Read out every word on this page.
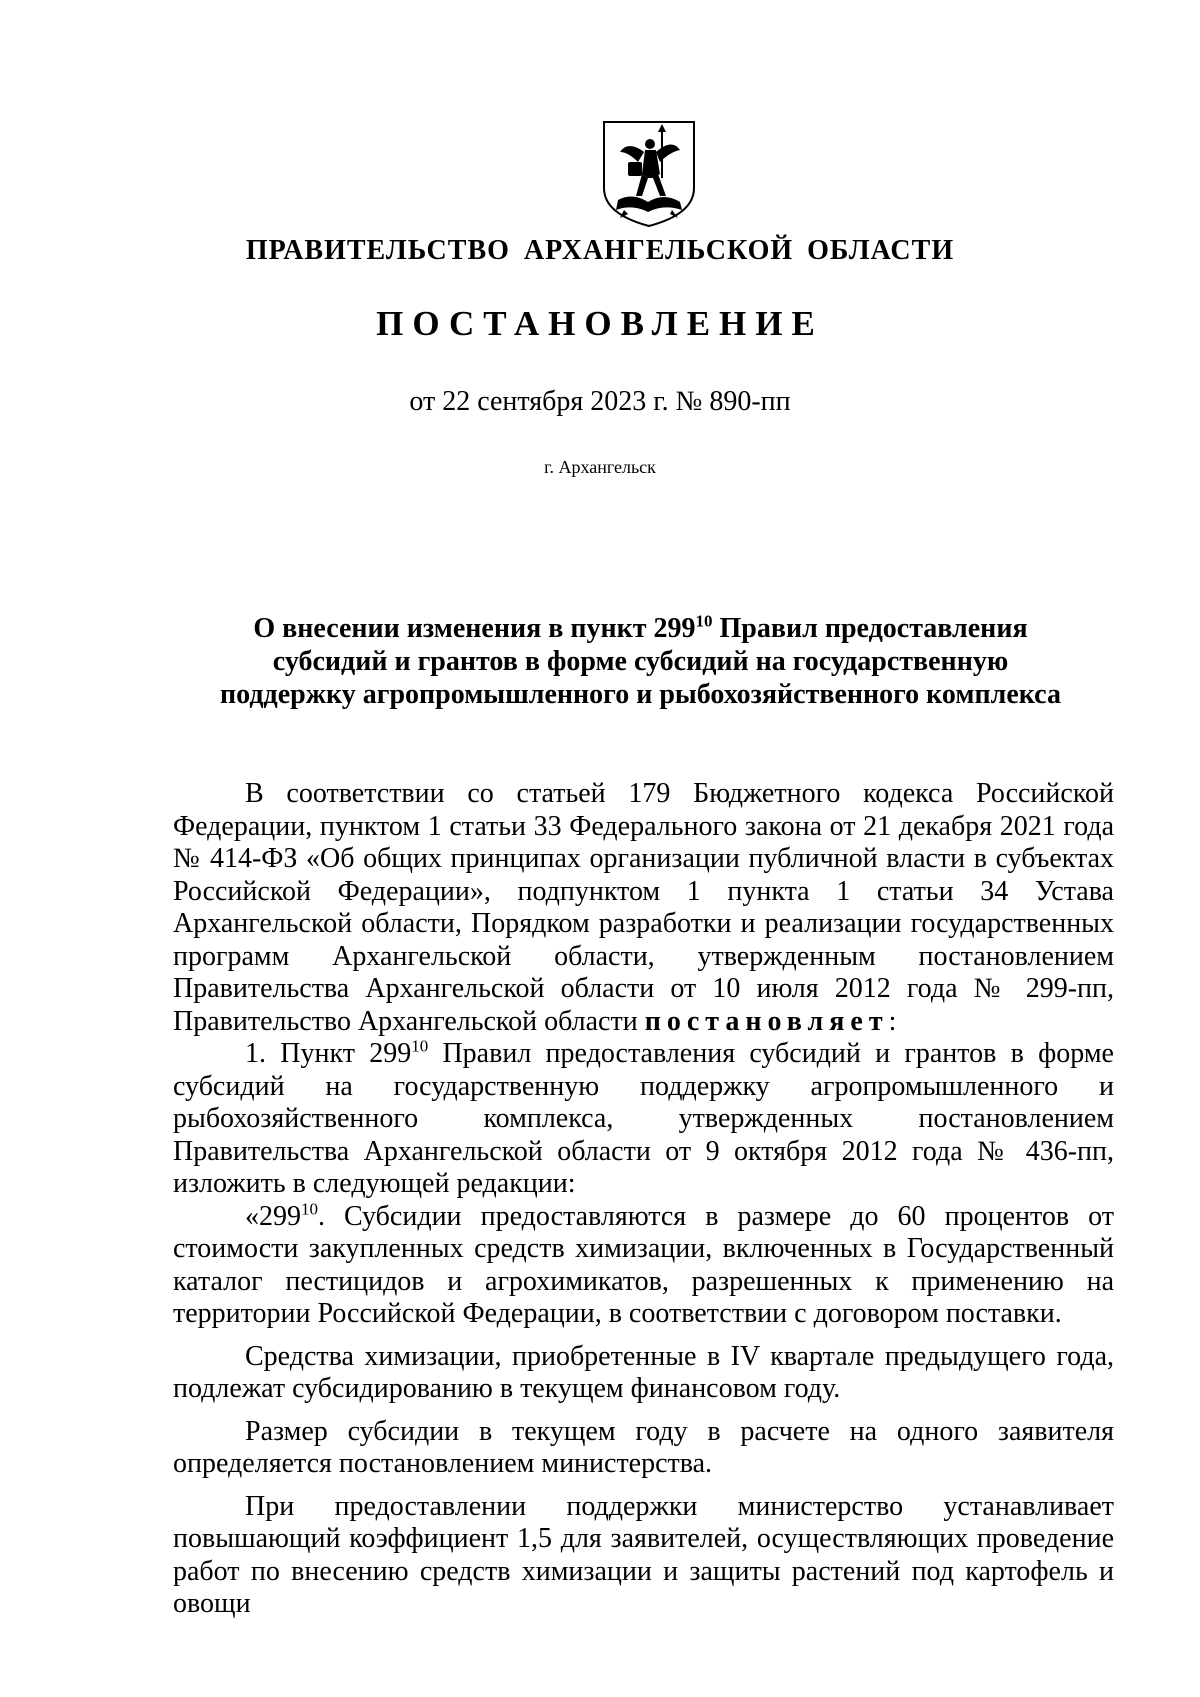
ПРАВИТЕЛЬСТВО АРХАНГЕЛЬСКОЙ ОБЛАСТИ
ПОСТАНОВЛЕНИЕ
от 22 сентября 2023 г. № 890-пп
г. Архангельск
О внесении изменения в пункт $299^{10}$ Правил предоставления
субсидий и грантов в форме субсидий на государственную
поддержку агропромышленного и рыбохозяйственного комплекса

В соответствии со статьей 179 Бюджетного кодекса Российской Федерации, пунктом 1 статьи 33 Федерального закона от 21 декабря 2021 года № 414-ФЗ «Об общих принципах организации публичной власти в субъектах Российской Федерации», подпунктом 1 пункта 1 статьи 34 Устава Архангельской области, Порядком разработки и реализации государственных программ Архангельской области, утвержденным постановлением Правительства Архангельской области от 10 июля 2012 года № 299-пп, Правительство Архангельской области постановляет:

1. Пункт $299^{10}$ Правил предоставления субсидий и грантов в форме субсидий на государственную поддержку агропромышленного и рыбохозяйственного комплекса, утвержденных постановлением Правительства Архангельской области от 9 октября 2012 года № 436-пп, изложить в следующей редакции:

«$299^{10}$. Субсидии предоставляются в размере до 60 процентов от стоимости закупленных средств химизации, включенных в Государственный каталог пестицидов и агрохимикатов, разрешенных к применению на территории Российской Федерации, в соответствии с договором поставки.

Средства химизации, приобретенные в IV квартале предыдущего года, подлежат субсидированию в текущем финансовом году.

Размер субсидии в текущем году в расчете на одного заявителя определяется постановлением министерства.

При предоставлении поддержки министерство устанавливает повышающий коэффициент 1,5 для заявителей, осуществляющих проведение работ по внесению средств химизации и защиты растений под картофель и овощи
